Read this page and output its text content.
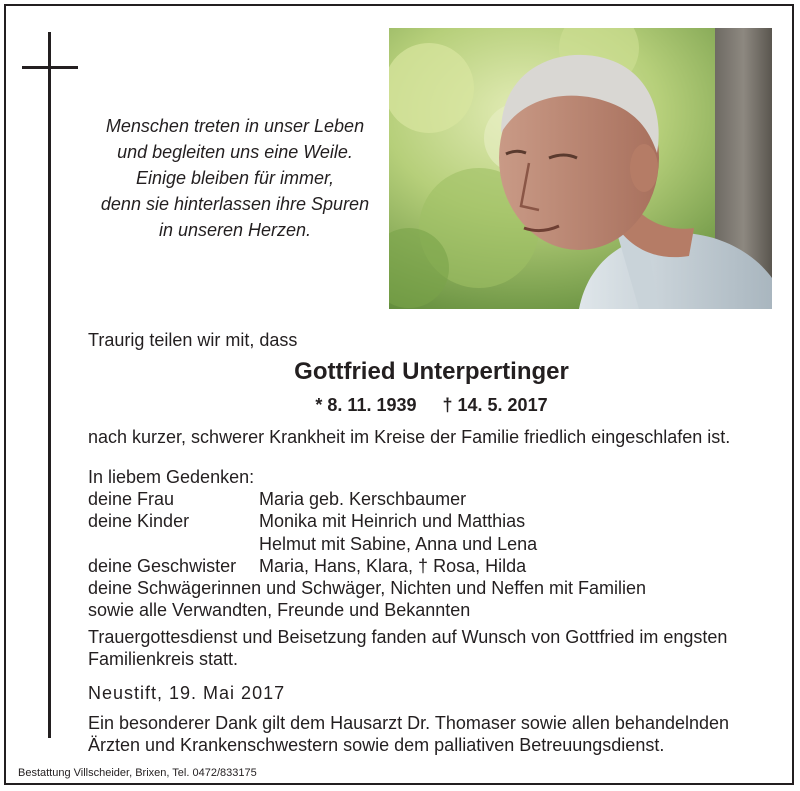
Menschen treten in unser Leben
und begleiten uns eine Weile.
Einige bleiben für immer,
denn sie hinterlassen ihre Spuren
in unseren Herzen.
Traurig teilen wir mit, dass
Gottfried Unterpertinger
* 8. 11. 1939 † 14. 5. 2017
nach kurzer, schwerer Krankheit im Kreise der Familie friedlich eingeschlafen ist.
In liebem Gedenken:
deine Frau	Maria geb. Kerschbaumer
deine Kinder	Monika mit Heinrich und Matthias
Helmut mit Sabine, Anna und Lena
deine Geschwister Maria, Hans, Klara, † Rosa, Hilda
deine Schwägerinnen und Schwäger, Nichten und Neffen mit Familien
sowie alle Verwandten, Freunde und Bekannten
Trauergottesdienst und Beisetzung fanden auf Wunsch von Gottfried im engsten
Familienkreis statt.
Neustift, 19. Mai 2017
Ein besonderer Dank gilt dem Hausarzt Dr. Thomaser sowie allen behandelnden
Ärzten und Krankenschwestern sowie dem palliativen Betreuungsdienst.
Bestattung Villscheider, Brixen, Tel. 0472/833175
